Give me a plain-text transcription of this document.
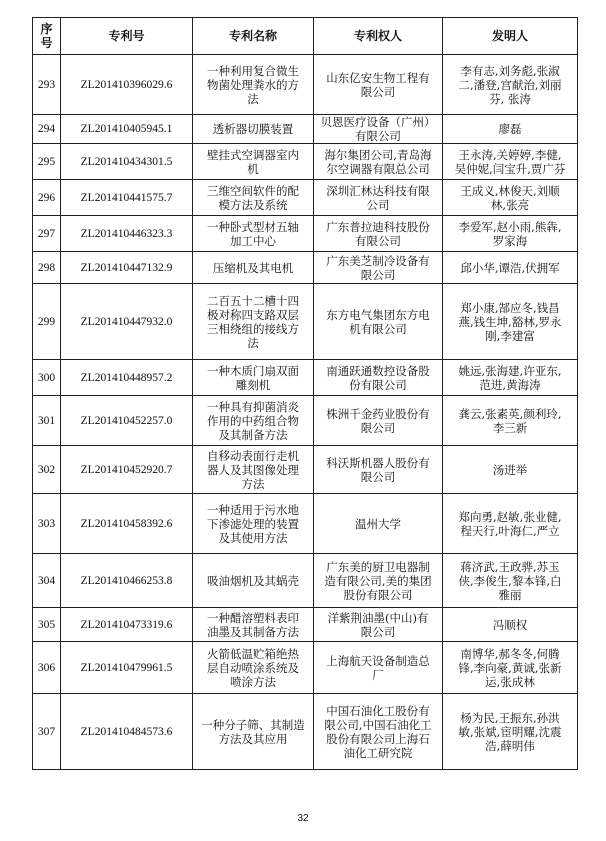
序
号	专利号	专利名称	专利权人	发明人
293	ZL201410396029.6	一种利用复合微生
物菌处理粪水的方
法	山东亿安生物工程有
限公司	李有志,刘务彪,张淑
二,潘登,宫献治,刘丽
芬, 张涛

294	ZL201410405945.1	透析器切膜装置	贝恩医疗设备（广州）
有限公司	廖磊

295	ZL201410434301.5	壁挂式空调器室内
机	海尔集团公司,青岛海
尔空调器有限总公司	王永涛,关婷婷,李健,
吴仲妮,闫宝升,贾广芬

296	ZL201410441575.7	三维空间软件的配
模方法及系统	深圳汇林达科技有限
公司	王成义,林俊天,刘顺
林,张亮

297	ZL201410446323.3	一种卧式型材五轴
加工中心	广东普拉迪科技股份
有限公司	李爱军,赵小雨,熊犇,
罗家海

298	ZL201410447132.9	压缩机及其电机	广东美芝制冷设备有
限公司	邱小华,谭浩,伏拥军

299	ZL201410447932.0	二百五十二槽十四
极对称四支路双层
三相绕组的接线方
法	东方电气集团东方电
机有限公司	郑小康,郜应冬,钱昌
燕,钱生坤,豁林,罗永
刚,李建富

300	ZL201410448957.2	一种木质门扇双面
雕刻机	南通跃通数控设备股
份有限公司	姚远,张海建,许亚东,
范进,黄海涛

301	ZL201410452257.0	一种具有抑菌消炎
作用的中药组合物
及其制备方法	株洲千金药业股份有
限公司	龚云,张素英,颜利玲,
李三新

302	ZL201410452920.7	自移动表面行走机
器人及其图像处理
方法	科沃斯机器人股份有
限公司	汤进举

303	ZL201410458392.6	一种适用于污水地
下渗滤处理的装置
及其使用方法	温州大学	郑向勇,赵敏,张业健,
程天行,叶海仁,严立

304	ZL201410466253.8	吸油烟机及其蜗壳	广东美的厨卫电器制
造有限公司,美的集团
股份有限公司	蒋济武,王政骅,苏玉
侠,李俊生,黎本锋,白
雅丽

305	ZL201410473319.6	一种醋溶塑料表印
油墨及其制备方法	洋紫荆油墨(中山)有
限公司	冯顺权

306	ZL201410479961.5	火箭低温贮箱绝热
层自动喷涂系统及
喷涂方法	上海航天设备制造总
厂	南博华,郝冬冬,何腾
锋,李向豪,黄诚,张新
运,张成林

307	ZL201410484573.6	一种分子筛、其制造
方法及其应用	中国石油化工股份有
限公司,中国石油化工
股份有限公司上海石
油化工研究院	杨为民,王振东,孙洪
敏,张斌,宦明耀,沈震
浩,薛明伟
32
